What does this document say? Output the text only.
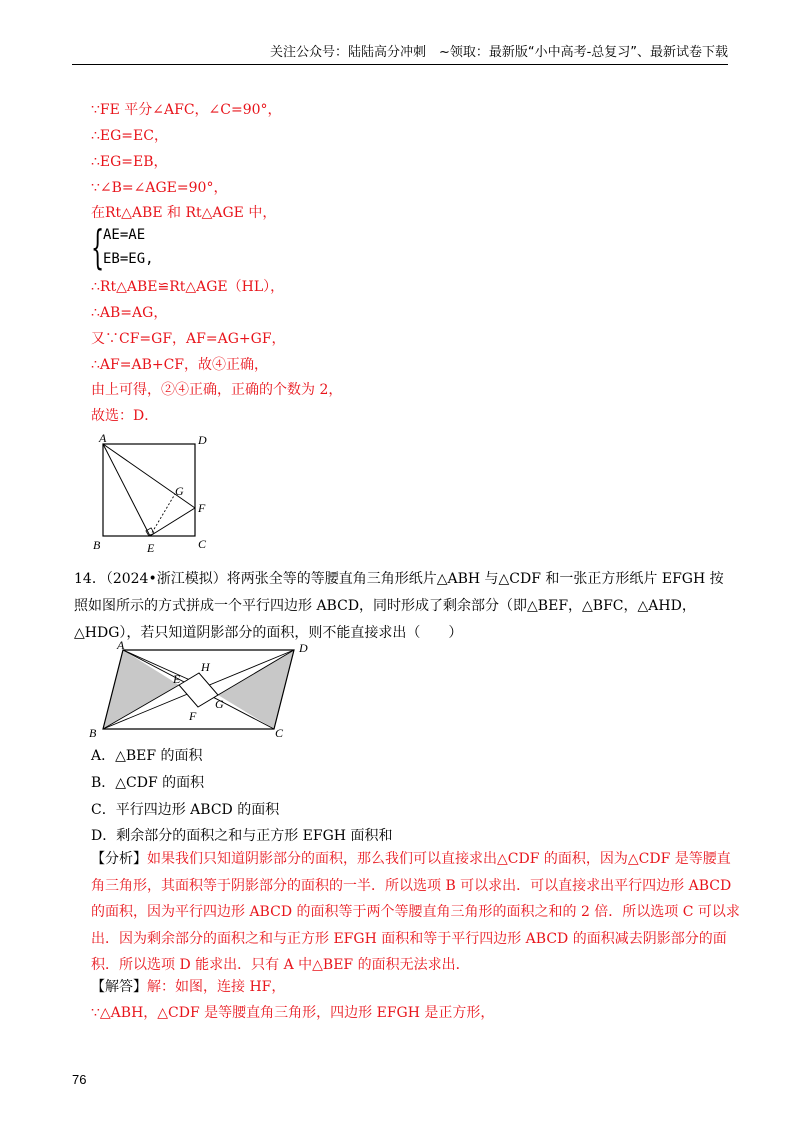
关注公众号：陆陆高分冲刺　~领取：最新版“小中高考-总复习”、最新试卷下载
∵FE 平分∠AFC，∠C=90°，
∴EG=EC，
∴EG=EB，
∵∠B=∠AGE=90°，
在Rt△ABE 和 Rt△AGE 中，
{
AE=AE
EB=EG,
∴Rt△ABE≌Rt△AGE（HL），
∴AB=AG，
又∵CF=GF，AF=AG+GF，
∴AF=AB+CF，故④正确，
由上可得，②④正确，正确的个数为 2，
故选：D．
A	D
G
F
B	E	C
14．（2024•浙江模拟）将两张全等的等腰直角三角形纸片△ABH 与△CDF 和一张正方形纸片 EFGH 按照如图所示的方式拼成一个平行四边形 ABCD，同时形成了剩余部分（即△BEF，△BFC，△AHD，△HDG），若只知道阴影部分的面积，则不能直接求出（　　）
A	D
H
E
G
F
B	C
A．△BEF 的面积
B．△CDF 的面积
C．平行四边形 ABCD 的面积
D．剩余部分的面积之和与正方形 EFGH 面积和
【分析】如果我们只知道阴影部分的面积，那么我们可以直接求出△CDF 的面积，因为△CDF 是等腰直角三角形，其面积等于阴影部分的面积的一半．所以选项 B 可以求出．可以直接求出平行四边形 ABCD 的面积，因为平行四边形 ABCD 的面积等于两个等腰直角三角形的面积之和的 2 倍．所以选项 C 可以求出．因为剩余部分的面积之和与正方形 EFGH 面积和等于平行四边形 ABCD 的面积减去阴影部分的面积．所以选项 D 能求出．只有 A 中△BEF 的面积无法求出．
【解答】解：如图，连接 HF，
∵△ABH，△CDF 是等腰直角三角形，四边形 EFGH 是正方形，
76
